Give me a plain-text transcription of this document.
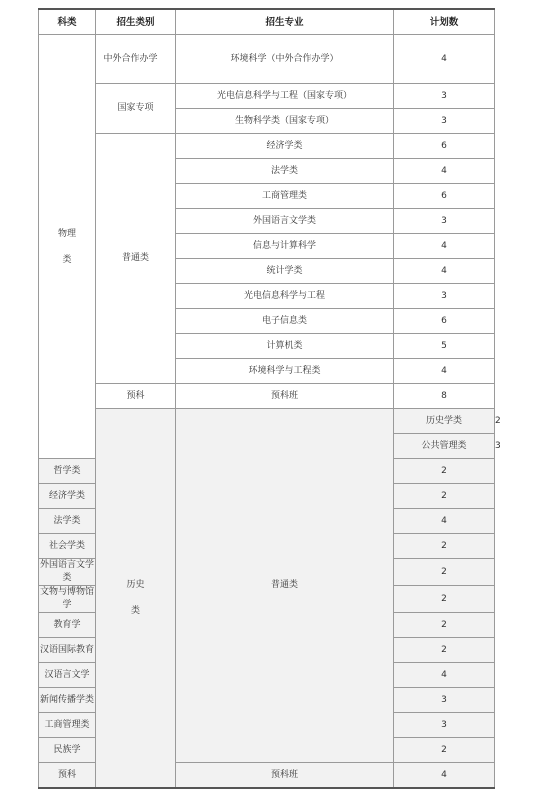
科类	招生类别	招生专业	计划数	
物理类	中外合作办学	环境科学（中外合作办学）	4	
	国家专项	光电信息科学与工程（国家专项）	3	
		生物科学类（国家专项）	3	
	普通类	经济学类	6	
		法学类	4	
		工商管理类	6	
		外国语言文学类	3	
		信息与计算科学	4	
		统计学类	4	
		光电信息科学与工程	3	
		电子信息类	6	
		计算机类	5	
		环境科学与工程类	4	
	预科	预科班	8	
	历史类	普通类	历史学类	2
			公共管理类	3
哲学类			2	
经济学类			2	
法学类			4	
社会学类			2	
外国语言文学类			2	
文物与博物馆学			2	
教育学			2	
汉语国际教育			2	
汉语言文学			4	
新闻传播学类			3	
工商管理类			3	
民族学			2	
预科		预科班	4	
